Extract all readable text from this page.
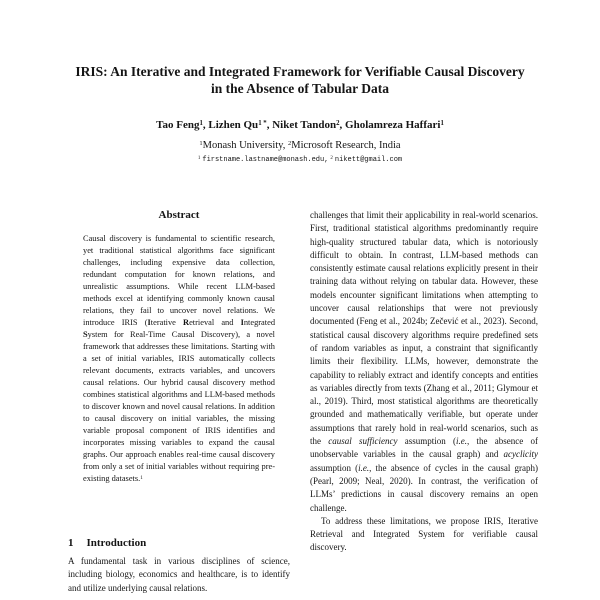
IRIS: An Iterative and Integrated Framework for Verifiable Causal Discovery in the Absence of Tabular Data
Tao Feng$^1$, Lizhen $Qu^{1 *}$, Niket Tandon$^2$, Gholamreza Haffari$^1$
$^1$Monash University, $^2$Microsoft Research, India
$^1$ firstname.lastname@monash.edu, $^2$ nikett@gmail.com
Abstract
Causal discovery is fundamental to scientific research, yet traditional statistical algorithms face significant challenges, including expensive data collection, redundant computation for known relations, and unrealistic assumptions. While recent LLM-based methods excel at identifying commonly known causal relations, they fail to uncover novel relations. We introduce IRIS (Iterative Retrieval and Integrated System for Real-Time Causal Discovery), a novel framework that addresses these limitations. Starting with a set of initial variables, IRIS automatically collects relevant documents, extracts variables, and uncovers causal relations. Our hybrid causal discovery method combines statistical algorithms and LLM-based methods to discover known and novel causal relations. In addition to causal discovery on initial variables, the missing variable proposal component of IRIS identifies and incorporates missing variables to expand the causal graphs. Our approach enables real-time causal discovery from only a set of initial variables without requiring pre-existing datasets.$^1$
1 Introduction
A fundamental task in various disciplines of science, including biology, economics and healthcare, is to identify and utilize underlying causal relations.
challenges that limit their applicability in real-world scenarios. First, traditional statistical algorithms predominantly require high-quality structured tabular data, which is notoriously difficult to obtain. In contrast, LLM-based methods can consistently estimate causal relations explicitly present in their training data without relying on tabular data. However, these models encounter significant limitations when attempting to uncover causal relationships that were not previously documented (Feng et al., 2024b; Zečević et al., 2023). Second, statistical causal discovery algorithms require predefined sets of random variables as input, a constraint that significantly limits their flexibility. LLMs, however, demonstrate the capability to reliably extract and identify concepts and entities as variables directly from texts (Zhang et al., 2011; Glymour et al., 2019). Third, most statistical algorithms are theoretically grounded and mathematically verifiable, but operate under assumptions that rarely hold in real-world scenarios, such as the causal sufficiency assumption (i.e., the absence of unobservable variables in the causal graph) and acyclicity assumption (i.e., the absence of cycles in the causal graph) (Pearl, 2009; Neal, 2020). In contrast, the verification of LLMs’ predictions in causal discovery remains an open challenge.
To address these limitations, we propose IRIS, Iterative Retrieval and Integrated System for verifiable causal discovery.
